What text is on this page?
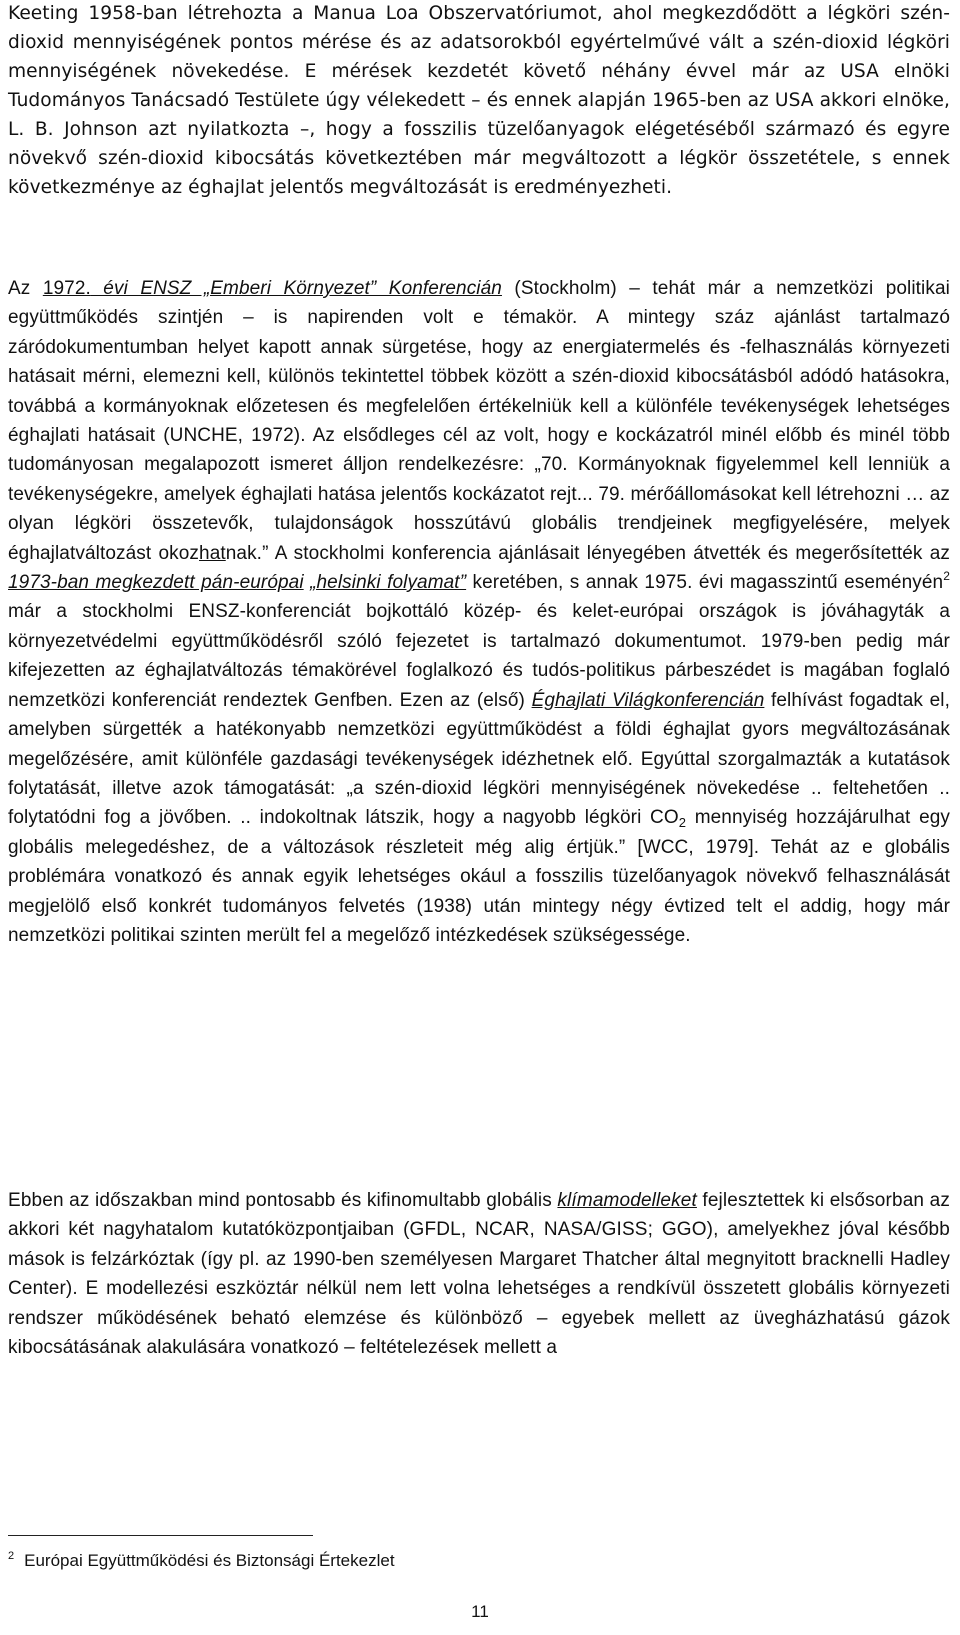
Keeting 1958-ban létrehozta a Manua Loa Obszervatóriumot, ahol megkezdődött a légköri szén-dioxid mennyiségének pontos mérése és az adatsorokból egyértelművé vált a szén-dioxid légköri mennyiségének növekedése. E mérések kezdetét követő néhány évvel már az USA elnöki Tudományos Tanácsadó Testülete úgy vélekedett – és ennek alapján 1965-ben az USA akkori elnöke, L. B. Johnson azt nyilatkozta –, hogy a fosszilis tüzelőanyagok elégetéséből származó és egyre növekvő szén-dioxid kibocsátás következtében már megváltozott a légkör összetétele, s ennek következménye az éghajlat jelentős megváltozását is eredményezheti.

Az 1972. évi ENSZ „Emberi Környezet” Konferencián (Stockholm) – tehát már a nemzetközi politikai együttműködés szintjén – is napirenden volt e témakör. A mintegy száz ajánlást tartalmazó záródokumentumban helyet kapott annak sürgetése, hogy az energiatermelés és -felhasználás környezeti hatásait mérni, elemezni kell, különös tekintettel többek között a szén-dioxid kibocsátásból adódó hatásokra, továbbá a kormányoknak előzetesen és megfelelően értékelniük kell a különféle tevékenységek lehetséges éghajlati hatásait (UNCHE, 1972). Az elsődleges cél az volt, hogy e kockázatról minél előbb és minél több tudományosan megalapozott ismeret álljon rendelkezésre: „70. Kormányoknak figyelemmel kell lenniük a tevékenységekre, amelyek éghajlati hatása jelentős kockázatot rejt... 79. mérőállomásokat kell létrehozni … az olyan légköri összetevők, tulajdonságok hosszútávú globális trendjeinek megfigyelésére, melyek éghajlatváltozást okozhatnak.” A stockholmi konferencia ajánlásait lényegében átvették és megerősítették az 1973-ban megkezdett pán-európai „helsinki folyamat” keretében, s annak 1975. évi magasszintű eseményén$^2$ már a stockholmi ENSZ-konferenciát bojkottáló közép- és kelet-európai országok is jóváhagyták a környezetvédelmi együttműködésről szóló fejezetet is tartalmazó dokumentumot. 1979-ben pedig már kifejezetten az éghajlatváltozás témakörével foglalkozó és tudós-politikus párbeszédet is magában foglaló nemzetközi konferenciát rendeztek Genfben. Ezen az (első) Éghajlati Világkonferencián felhívást fogadtak el, amelyben sürgették a hatékonyabb nemzetközi együttműködést a földi éghajlat gyors megváltozásának megelőzésére, amit különféle gazdasági tevékenységek idézhetnek elő. Egyúttal szorgalmazták a kutatások folytatását, illetve azok támogatását: „a szén-dioxid légköri mennyiségének növekedése .. feltehetően .. folytatódni fog a jövőben. .. indokoltnak látszik, hogy a nagyobb légköri $CO_2$ mennyiség hozzájárulhat egy globális melegedéshez, de a változások részleteit még alig értjük.” [WCC, 1979]. Tehát az e globális problémára vonatkozó és annak egyik lehetséges okául a fosszilis tüzelőanyagok növekvő felhasználását megjelölő első konkrét tudományos felvetés (1938) után mintegy négy évtized telt el addig, hogy már nemzetközi politikai szinten merült fel a megelőző intézkedések szükségessége.

Ebben az időszakban mind pontosabb és kifinomultabb globális klímamodelleket fejlesztettek ki elsősorban az akkori két nagyhatalom kutatóközpontjaiban (GFDL, NCAR, NASA/GISS; GGO), amelyekhez jóval később mások is felzárkóztak (így pl. az 1990-ben személyesen Margaret Thatcher által megnyitott bracknelli Hadley Center). E modellezési eszköztár nélkül nem lett volna lehetséges a rendkívül összetett globális környezeti rendszer működésének beható elemzése és különböző – egyebek mellett az üvegházhatású gázok kibocsátásának alakulására vonatkozó – feltételezések mellett a

$^2$ Európai Együttműködési és Biztonsági Értekezlet
11
